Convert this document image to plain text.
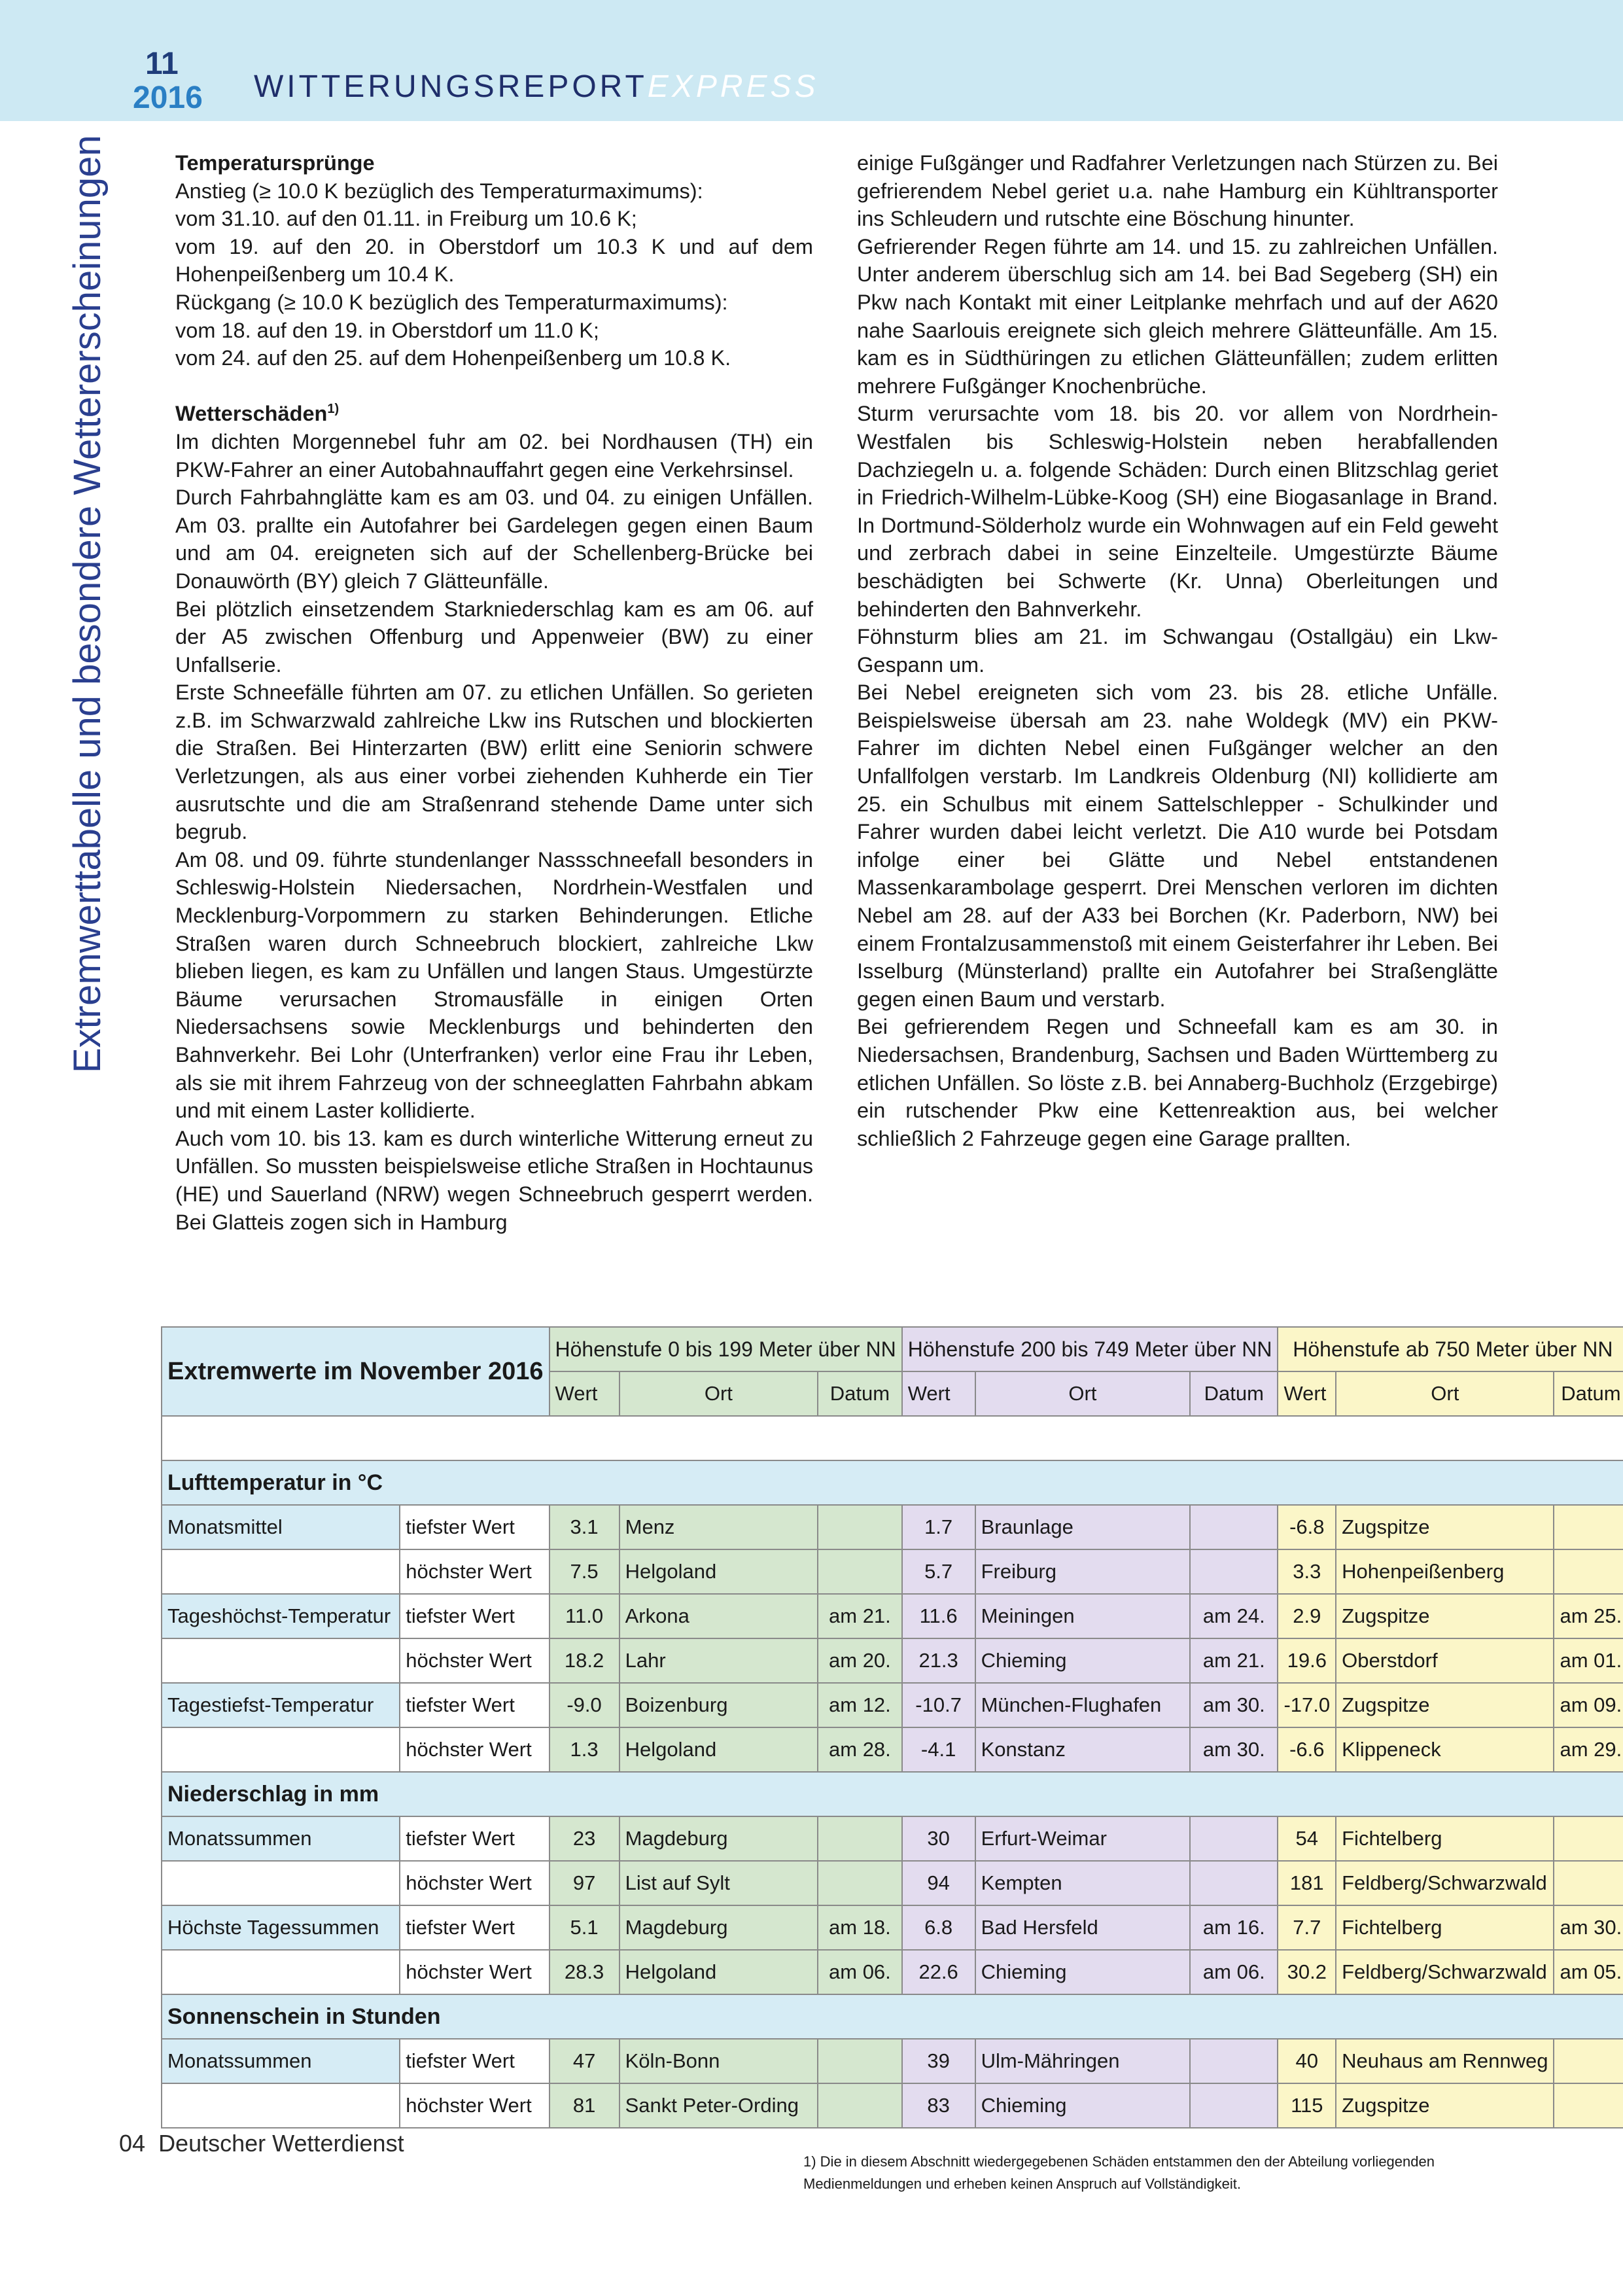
11
2016 WITTERUNGSREPORTEXPRESS
Extremwerttabelle und besondere Wettererscheinungen	Temperatursprünge

Anstieg (≥ 10.0 K bezüglich des Temperaturmaximums):

vom 31.10. auf den 01.11. in Freiburg um 10.6 K;

vom 19. auf den 20. in Oberstdorf um 10.3 K und auf dem Hohenpeißenberg um 10.4 K.

Rückgang (≥ 10.0 K bezüglich des Temperaturmaximums):

vom 18. auf den 19. in Oberstdorf um 11.0 K;

vom 24. auf den 25. auf dem Hohenpeißenberg um 10.8 K.

Wetterschäden$^{1)}$

Im dichten Morgennebel fuhr am 02. bei Nordhausen (TH) ein PKW-Fahrer an einer Autobahnauffahrt gegen eine Verkehrsinsel.

Durch Fahrbahnglätte kam es am 03. und 04. zu einigen Unfällen. Am 03. prallte ein Autofahrer bei Gardelegen gegen einen Baum und am 04. ereigneten sich auf der Schellenberg-Brücke bei Donauwörth (BY) gleich 7 Glätteunfälle.

Bei plötzlich einsetzendem Starkniederschlag kam es am 06. auf der A5 zwischen Offenburg und Appenweier (BW) zu einer Unfallserie.

Erste Schneefälle führten am 07. zu etlichen Unfällen. So gerieten z.B. im Schwarzwald zahlreiche Lkw ins Rutschen und blockierten die Straßen. Bei Hinterzarten (BW) erlitt eine Seniorin schwere Verletzungen, als aus einer vorbei ziehenden Kuhherde ein Tier ausrutschte und die am Straßenrand stehende Dame unter sich begrub.

Am 08. und 09. führte stundenlanger Nassschneefall besonders in Schleswig-Holstein Niedersachen, Nordrhein-Westfalen und Mecklenburg-Vorpommern zu starken Behinderungen. Etliche Straßen waren durch Schneebruch blockiert, zahlreiche Lkw blieben liegen, es kam zu Unfällen und langen Staus. Umgestürzte Bäume verursachen Stromausfälle in einigen Orten Niedersachsens sowie Mecklenburgs und behinderten den Bahnverkehr. Bei Lohr (Unterfranken) verlor eine Frau ihr Leben, als sie mit ihrem Fahrzeug von der schneeglatten Fahrbahn abkam und mit einem Laster kollidierte.

Auch vom 10. bis 13. kam es durch winterliche Witterung erneut zu Unfällen. So mussten beispielsweise etliche Straßen in Hochtaunus (HE) und Sauerland (NRW) wegen Schneebruch gesperrt werden. Bei Glatteis zogen sich in Hamburg

einige Fußgänger und Radfahrer Verletzungen nach Stürzen zu. Bei gefrierendem Nebel geriet u.a. nahe Hamburg ein Kühltransporter ins Schleudern und rutschte eine Böschung hinunter.

Gefrierender Regen führte am 14. und 15. zu zahlreichen Unfällen. Unter anderem überschlug sich am 14. bei Bad Segeberg (SH) ein Pkw nach Kontakt mit einer Leitplanke mehrfach und auf der A620 nahe Saarlouis ereignete sich gleich mehrere Glätteunfälle. Am 15. kam es in Südthüringen zu etlichen Glätteunfällen; zudem erlitten mehrere Fußgänger Knochenbrüche.

Sturm verursachte vom 18. bis 20. vor allem von Nordrhein-Westfalen bis Schleswig-Holstein neben herabfallenden Dachziegeln u. a. folgende Schäden: Durch einen Blitzschlag geriet in Friedrich-Wilhelm-Lübke-Koog (SH) eine Biogasanlage in Brand. In Dortmund-Sölderholz wurde ein Wohnwagen auf ein Feld geweht und zerbrach dabei in seine Einzelteile. Umgestürzte Bäume beschädigten bei Schwerte (Kr. Unna) Oberleitungen und behinderten den Bahnverkehr.

Föhnsturm blies am 21. im Schwangau (Ostallgäu) ein Lkw-Gespann um.

Bei Nebel ereigneten sich vom 23. bis 28. etliche Unfälle. Beispielsweise übersah am 23. nahe Woldegk (MV) ein PKW-Fahrer im dichten Nebel einen Fußgänger welcher an den Unfallfolgen verstarb. Im Landkreis Oldenburg (NI) kollidierte am 25. ein Schulbus mit einem Sattelschlepper - Schulkinder und Fahrer wurden dabei leicht verletzt. Die A10 wurde bei Potsdam infolge einer bei Glätte und Nebel entstandenen Massenkarambolage gesperrt. Drei Menschen verloren im dichten Nebel am 28. auf der A33 bei Borchen (Kr. Paderborn, NW) bei einem Frontalzusammenstoß mit einem Geisterfahrer ihr Leben. Bei Isselburg (Münsterland) prallte ein Autofahrer bei Straßenglätte gegen einen Baum und verstarb.

Bei gefrierendem Regen und Schneefall kam es am 30. in Niedersachsen, Brandenburg, Sachsen und Baden Württemberg zu etlichen Unfällen. So löste z.B. bei Annaberg-Buchholz (Erzgebirge) ein rutschender Pkw eine Kettenreaktion aus, bei welcher schließlich 2 Fahrzeuge gegen eine Garage prallten.

Extremwerte im November 2016		Höhenstufe 0 bis 199 Meter über NN			Höhenstufe 200 bis 749 Meter über NN			Höhenstufe ab 750 Meter über NN		
		Wert	Ort	Datum	Wert	Ort	Datum	Wert	Ort	Datum

Lufttemperatur in °C										
Monatsmittel	tiefster Wert	3.1	Menz		1.7	Braunlage		-6.8	Zugspitze	
	höchster Wert	7.5	Helgoland		5.7	Freiburg		3.3	Hohenpeißenberg	
Tageshöchst-Temperatur	tiefster Wert	11.0	Arkona	am 21.	11.6	Meiningen	am 24.	2.9	Zugspitze	am 25.
	höchster Wert	18.2	Lahr	am 20.	21.3	Chieming	am 21.	19.6	Oberstdorf	am 01.
Tagestiefst-Temperatur	tiefster Wert	-9.0	Boizenburg	am 12.	-10.7	München-Flughafen	am 30.	-17.0	Zugspitze	am 09.
	höchster Wert	1.3	Helgoland	am 28.	-4.1	Konstanz	am 30.	-6.6	Klippeneck	am 29.
Niederschlag in mm										
Monatssummen	tiefster Wert	23	Magdeburg		30	Erfurt-Weimar		54	Fichtelberg	
	höchster Wert	97	List auf Sylt		94	Kempten		181	Feldberg/Schwarzwald	
Höchste Tagessummen	tiefster Wert	5.1	Magdeburg	am 18.	6.8	Bad Hersfeld	am 16.	7.7	Fichtelberg	am 30.
	höchster Wert	28.3	Helgoland	am 06.	22.6	Chieming	am 06.	30.2	Feldberg/Schwarzwald	am 05.
Sonnenschein in Stunden										
Monatssummen	tiefster Wert	47	Köln-Bonn		39	Ulm-Mähringen		40	Neuhaus am Rennweg	
	höchster Wert	81	Sankt Peter-Ording		83	Chieming		115	Zugspitze	
04 Deutscher Wetterdienst
1) Die in diesem Abschnitt wiedergegebenen Schäden entstammen den der Abteilung vorliegenden Medienmeldungen und erheben keinen Anspruch auf Vollständigkeit.
